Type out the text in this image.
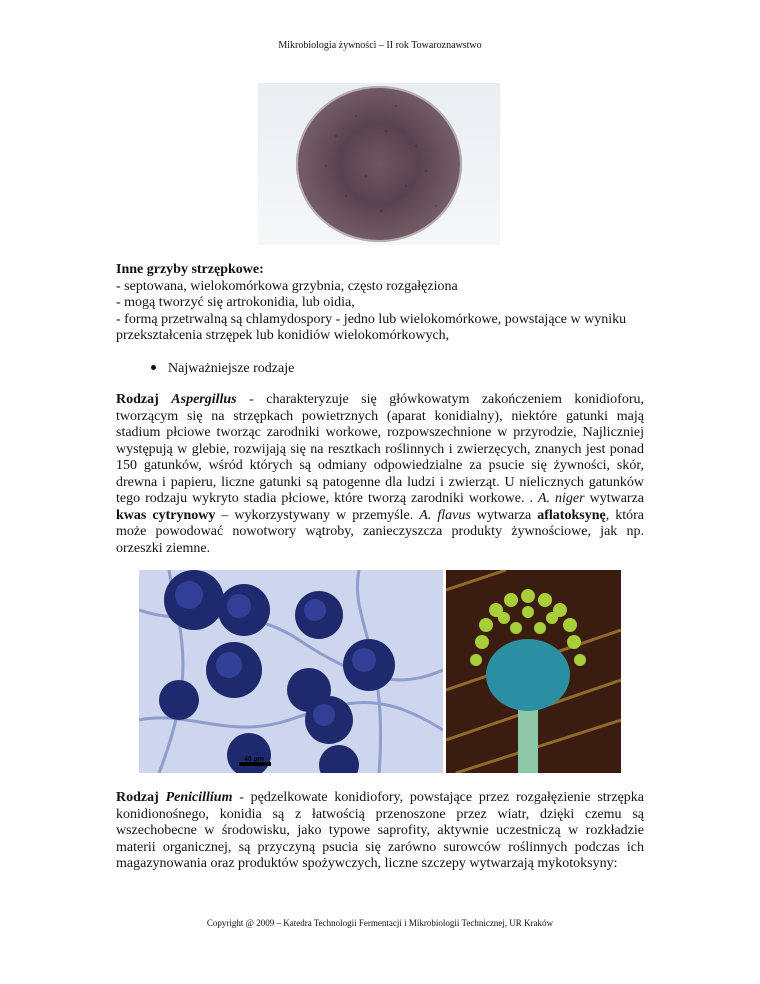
Mikrobiologia żywności – II rok Towaroznawstwo
Inne grzyby strzępkowe:
- septowana, wielokomórkowa grzybnia, często rozgałęziona
- mogą tworzyć się artrokonidia, lub oidia,
- formą przetrwalną są chlamydospory - jedno lub wielokomórkowe, powstające w wyniku
przekształcenia strzępek lub konidiów wielokomórkowych,
Najważniejsze rodzaje

Rodzaj Aspergillus - charakteryzuje się główkowatym zakończeniem konidioforu, tworzącym się na strzępkach powietrznych (aparat konidialny), niektóre gatunki mają stadium płciowe tworząc zarodniki workowe, rozpowszechnione w przyrodzie, Najliczniej występują w glebie, rozwijają się na resztkach roślinnych i zwierzęcych, znanych jest ponad 150 gatunków, wśród których są odmiany odpowiedzialne za psucie się żywności, skór, drewna i papieru, liczne gatunki są patogenne dla ludzi i zwierząt. U nielicznych gatunków tego rodzaju wykryto stadia płciowe, które tworzą zarodniki workowe. . A. niger wytwarza kwas cytrynowy – wykorzystywany w przemyśle. A. flavus wytwarza aflatoksynę, która może powodować nowotwory wątroby, zanieczyszcza produkty żywnościowe, jak np. orzeszki ziemne.

40 µm

Rodzaj Penicillium - pędzelkowate konidiofory, powstające przez rozgałęzienie strzępka konidionośnego, konidia są z łatwością przenoszone przez wiatr, dzięki czemu są wszechobecne w środowisku, jako typowe saprofity, aktywnie uczestniczą w rozkładzie materii organicznej, są przyczyną psucia się zarówno surowców roślinnych podczas ich magazynowania oraz produktów spożywczych, liczne szczepy wytwarzają mykotoksyny:

Copyright @ 2009 – Katedra Technologii Fermentacji i Mikrobiologii Technicznej, UR Kraków
